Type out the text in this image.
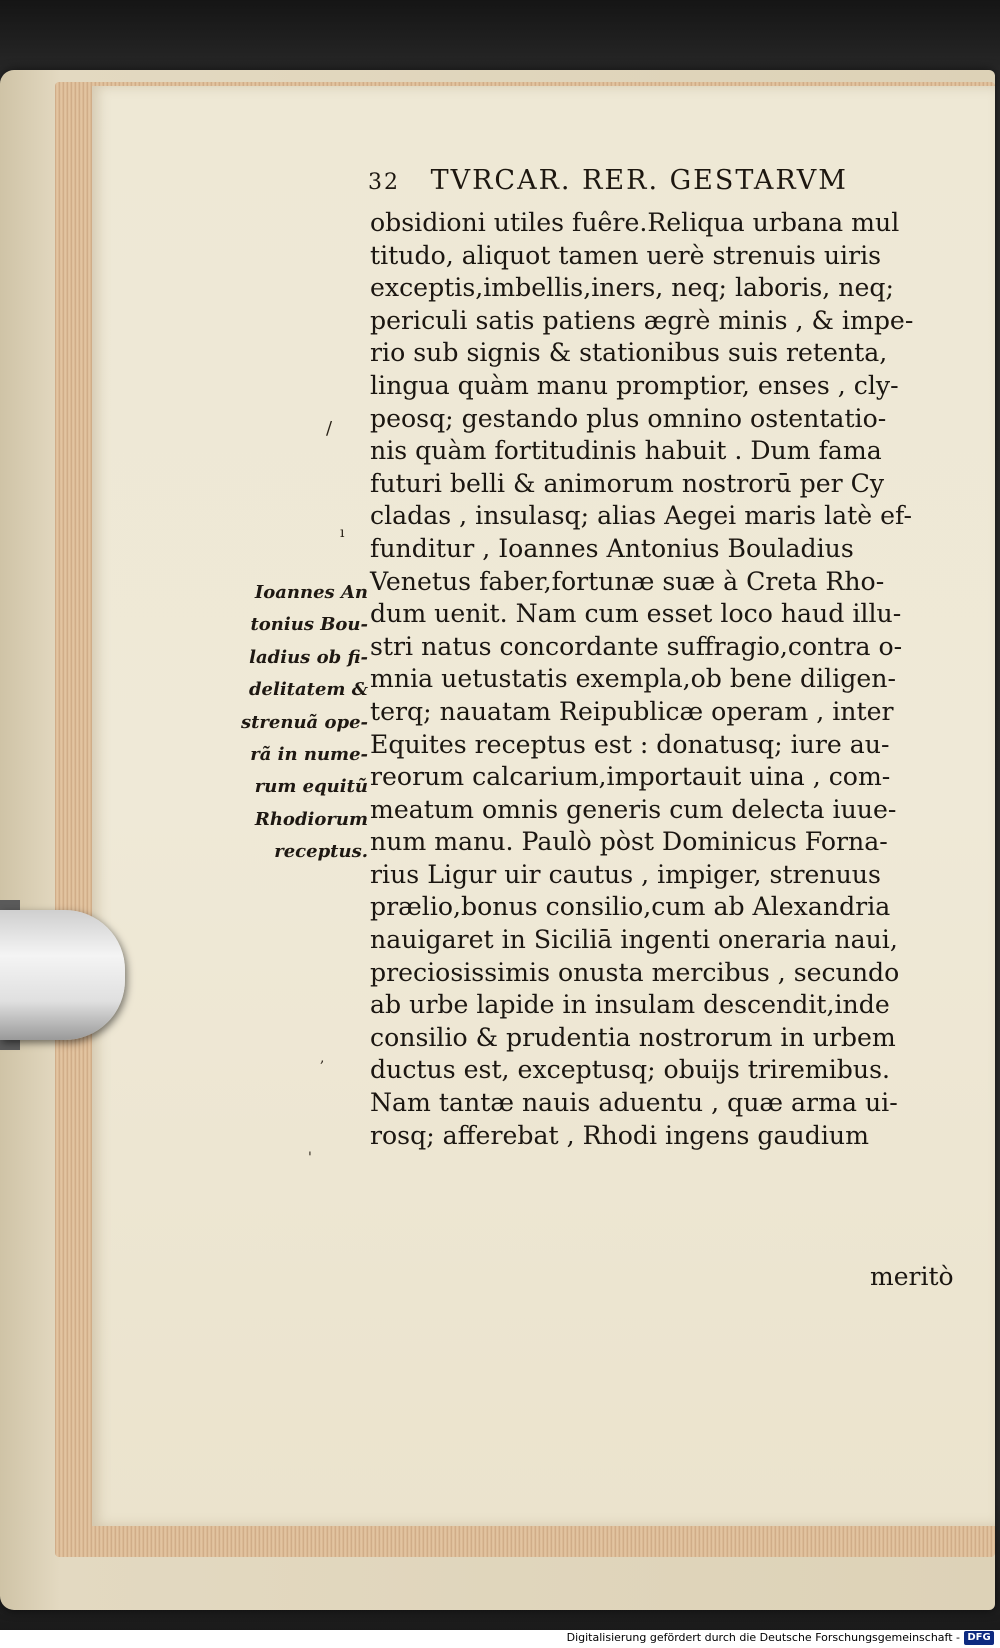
/
ı
,
'
32 TVRCAR. RER. GESTARVM
obsidioni utiles fuêre.Reliqua urbana mul
titudo, aliquot tamen uerè strenuis uiris
exceptis,imbellis,iners, neq; laboris, neq;
periculi satis patiens ægrè minis , & impe-
rio sub signis & stationibus suis retenta,
lingua quàm manu promptior, enses , cly-
peosq; gestando plus omnino ostentatio-
nis quàm fortitudinis habuit . Dum fama
futuri belli & animorum nostrorū per Cy
cladas , insulasq; alias Aegei maris latè ef-
funditur , Ioannes Antonius Bouladius
Venetus faber,fortunæ suæ à Creta Rho-
dum uenit. Nam cum esset loco haud illu-
stri natus concordante suffragio,contra o-
mnia uetustatis exempla,ob bene diligen-
terq; nauatam Reipublicæ operam , inter
Equites receptus est : donatusq; iure au-
reorum calcarium,importauit uina , com-
meatum omnis generis cum delecta iuue-
num manu. Paulò pòst Dominicus Forna-
rius Ligur uir cautus , impiger, strenuus
prælio,bonus consilio,cum ab Alexandria
nauigaret in Siciliā ingenti oneraria naui,
preciosissimis onusta mercibus , secundo
ab urbe lapide in insulam descendit,inde
consilio & prudentia nostrorum in urbem
ductus est, exceptusq; obuijs triremibus.
Nam tantæ nauis aduentu , quæ arma ui-
rosq; afferebat , Rhodi ingens gaudium
meritò
Ioannes An
tonius Bou-
ladius ob fi-
delitatem &
strenuã ope-
rã in nume-
rum equitũ
Rhodiorum
receptus.
Digitalisierung gefördert durch die Deutsche Forschungsgemeinschaft - DFG
